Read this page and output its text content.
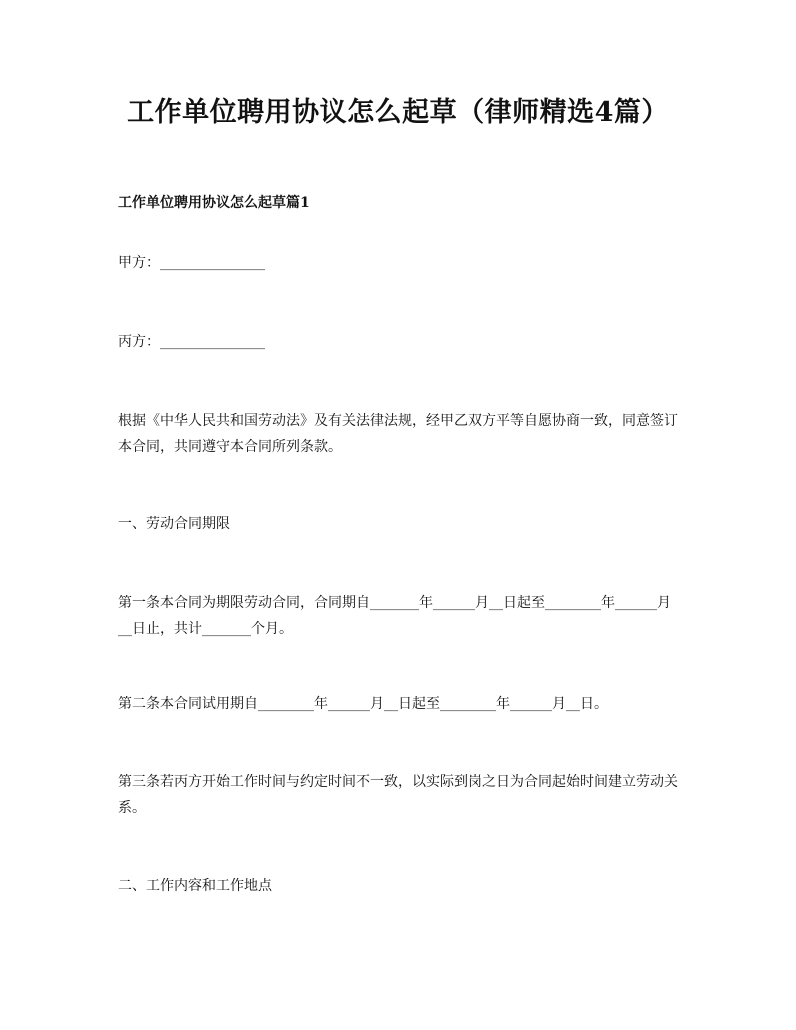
工作单位聘用协议怎么起草（律师精选4篇）
工作单位聘用协议怎么起草篇1
甲方：_______________
丙方：_______________
根据《中华人民共和国劳动法》及有关法律法规，经甲乙双方平等自愿协商一致，同意签订本合同，共同遵守本合同所列条款。
一、劳动合同期限
第一条本合同为期限劳动合同，合同期自_______年______月__日起至________年______月__日止，共计_______个月。
第二条本合同试用期自________年______月__日起至________年______月__日。
第三条若丙方开始工作时间与约定时间不一致，以实际到岗之日为合同起始时间建立劳动关系。
二、工作内容和工作地点
